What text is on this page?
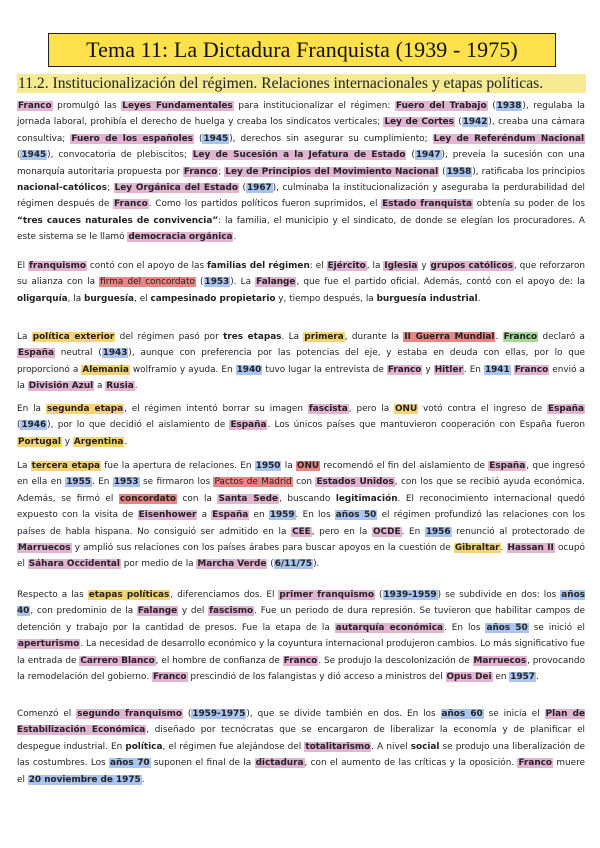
Tema 11: La Dictadura Franquista (1939 - 1975)
11.2. Institucionalización del régimen. Relaciones internacionales y etapas políticas.

Franco promulgó las Leyes Fundamentales para institucionalizar el régimen: Fuero del Trabajo (1938), regulaba la jornada laboral, prohibía el derecho de huelga y creaba los sindicatos verticales; Ley de Cortes (1942), creaba una cámara consultiva; Fuero de los españoles (1945), derechos sin asegurar su cumplimiento; Ley de Referéndum Nacional (1945), convocatoria de plebiscitos; Ley de Sucesión a la Jefatura de Estado (1947), preveía la sucesión con una monarquía autoritaria propuesta por Franco; Ley de Principios del Movimiento Nacional (1958), ratificaba los principios nacional-católicos; Ley Orgánica del Estado (1967), culminaba la institucionalización y aseguraba la perdurabilidad del régimen después de Franco. Como los partidos políticos fueron suprimidos, el Estado franquista obtenía su poder de los “tres cauces naturales de convivencia”: la familia, el municipio y el sindicato, de donde se elegían los procuradores. A este sistema se le llamó democracia orgánica.

El franquismo contó con el apoyo de las familias del régimen: el Ejército, la Iglesia y grupos católicos, que reforzaron su alianza con la firma del concordato (1953). La Falange, que fue el partido oficial. Además, contó con el apoyo de: la oligarquía, la burguesía, el campesinado propietario y, tiempo después, la burguesía industrial.

La política exterior del régimen pasó por tres etapas. La primera, durante la II Guerra Mundial. Franco declaró a España neutral (1943), aunque con preferencia por las potencias del eje, y estaba en deuda con ellas, por lo que proporcionó a Alemania wolframio y ayuda. En 1940 tuvo lugar la entrevista de Franco y Hitler. En 1941 Franco envió a la División Azul a Rusia.

En la segunda etapa, el régimen intentó borrar su imagen fascista, pero la ONU votó contra el ingreso de España (1946), por lo que decidió el aislamiento de España. Los únicos países que mantuvieron cooperación con España fueron Portugal y Argentina.

La tercera etapa fue la apertura de relaciones. En 1950 la ONU recomendó el fin del aislamiento de España, que ingresó en ella en 1955. En 1953 se firmaron los Pactos de Madrid con Estados Unidos, con los que se recibió ayuda económica. Además, se firmó el concordato con la Santa Sede, buscando legitimación. El reconocimiento internacional quedó expuesto con la visita de Eisenhower a España en 1959. En los años 50 el régimen profundizó las relaciones con los países de habla hispana. No consiguió ser admitido en la CEE, pero en la OCDE. En 1956 renunció al protectorado de Marruecos y amplió sus relaciones con los países árabes para buscar apoyos en la cuestión de Gibraltar. Hassan II ocupó el Sáhara Occidental por medio de la Marcha Verde (6/11/75).

Respecto a las etapas políticas, diferenciamos dos. El primer franquismo (1939-1959) se subdivide en dos: los años 40, con predominio de la Falange y del fascismo. Fue un periodo de dura represión. Se tuvieron que habilitar campos de detención y trabajo por la cantidad de presos. Fue la etapa de la autarquía económica. En los años 50 se inició el aperturismo. La necesidad de desarrollo económico y la coyuntura internacional produjeron cambios. Lo más significativo fue la entrada de Carrero Blanco, el hombre de confianza de Franco. Se produjo la descolonización de Marruecos, provocando la remodelación del gobierno. Franco prescindió de los falangistas y dió acceso a ministros del Opus Dei en 1957.

Comenzó el segundo franquismo (1959-1975), que se divide también en dos. En los años 60 se inicia el Plan de Estabilización Económica, diseñado por tecnócratas que se encargaron de liberalizar la economía y de planificar el despegue industrial. En política, el régimen fue alejándose del totalitarismo. A nivel social se produjo una liberalización de las costumbres. Los años 70 suponen el final de la dictadura, con el aumento de las críticas y la oposición. Franco muere el 20 noviembre de 1975.
